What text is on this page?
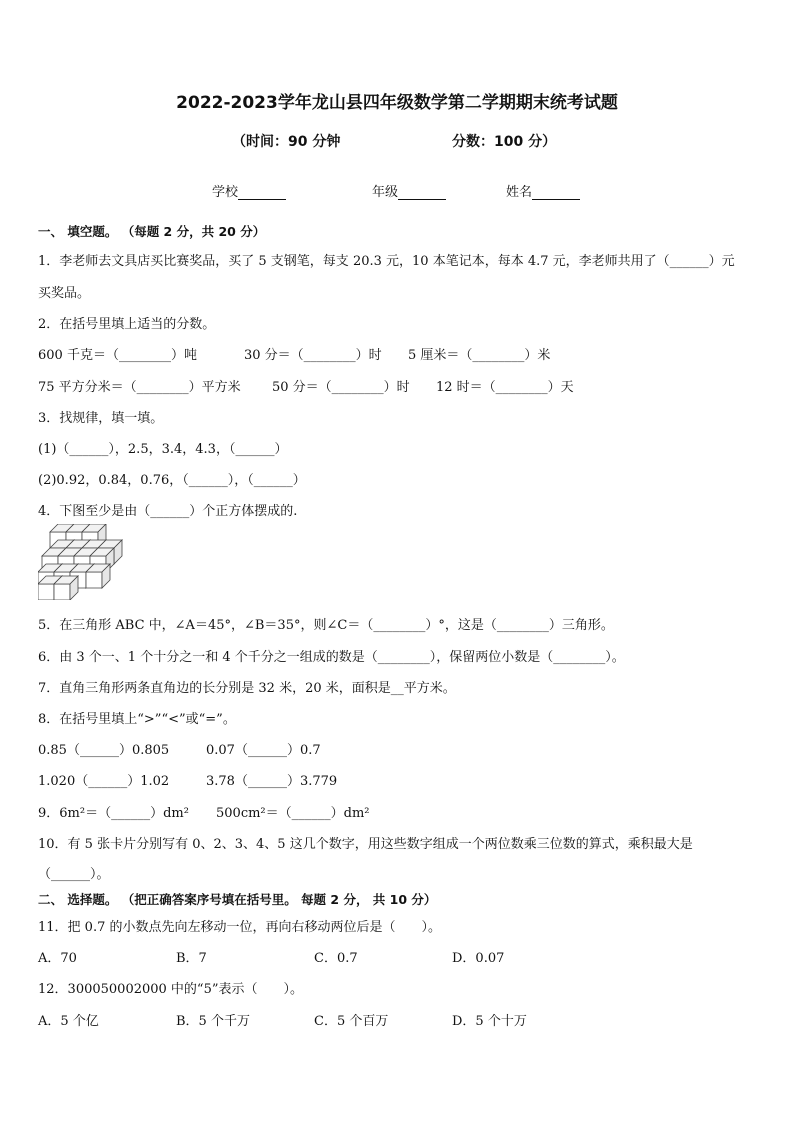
2022-2023学年龙山县四年级数学第二学期期末统考试题
（时间：90 分钟	分数：100 分）
学校	年级	姓名
一、 填空题。 （每题 2 分，共 20 分）
1．李老师去文具店买比赛奖品，买了 5 支钢笔，每支 20.3 元，10 本笔记本，每本 4.7 元，李老师共用了（______）元
买奖品。
2．在括号里填上适当的分数。
600 千克＝（________）吨	30 分＝（________）时 5 厘米＝（________）米
75 平方分米＝（________）平方米 50 分＝（________）时 12 时＝（________）天
3．找规律，填一填。
(1)（______），2.5，3.4，4.3，（______）
(2)0.92，0.84，0.76，（______），（______）
4．下图至少是由（______）个正方体摆成的.
5．在三角形 ABC 中，∠A＝45°，∠B＝35°，则∠C＝（________）°，这是（________）三角形。
6．由 3 个一、1 个十分之一和 4 个千分之一组成的数是（________），保留两位小数是（________）。
7．直角三角形两条直角边的长分别是 32 米，20 米，面积是__平方米。
8．在括号里填上“>”“<”或“=”。
0.85（______）0.805	0.07（______）0.7
1.020（______）1.02	3.78（______）3.779
9．6m²＝（______）dm² 500cm²＝（______）dm²
10．有 5 张卡片分别写有 0、2、3、4、5 这几个数字，用这些数字组成一个两位数乘三位数的算式，乘积最大是
（______）。
二、 选择题。 （把正确答案序号填在括号里。 每题 2 分， 共 10 分）
11．把 0.7 的小数点先向左移动一位，再向右移动两位后是（　　）。
A．70	B．7	C．0.7	D．0.07
12．300050002000 中的“5”表示（　　）。
A．5 个亿	B．5 个千万	C．5 个百万	D．5 个十万
